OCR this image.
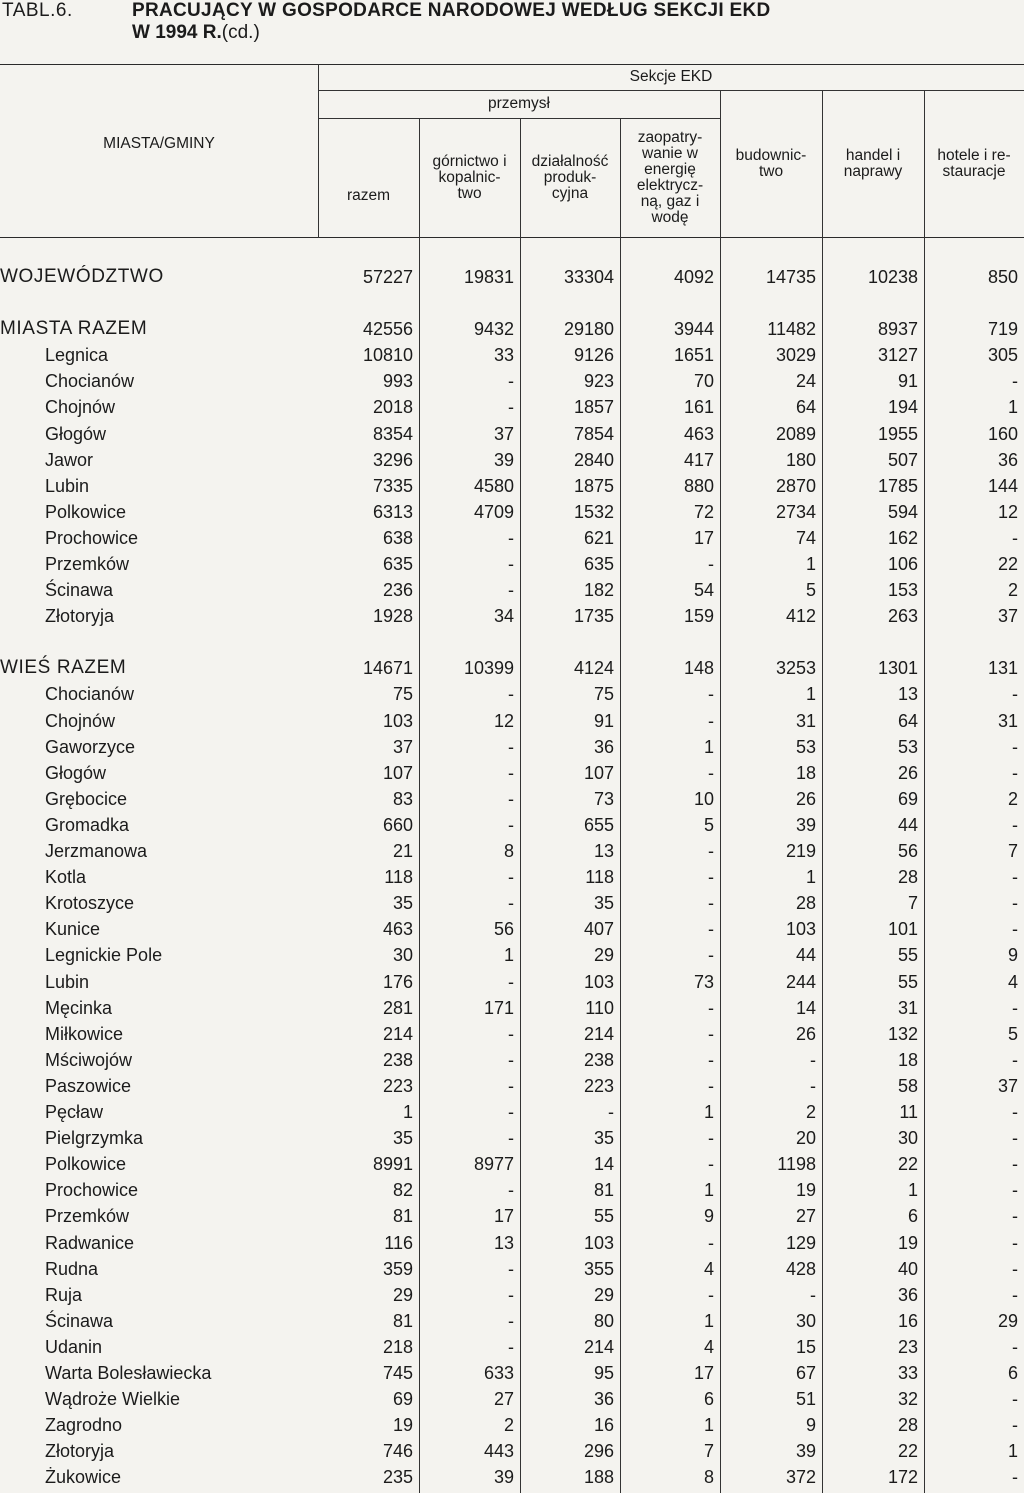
TABL.6.	PRACUJĄCY W GOSPODARCE NARODOWEJ WEDŁUG SEKCJI EKD
W 1994 R.(cd.)
MIASTA/GMINY
Sekcje EKD
przemysł
razem
górnictwo i kopalnic- two
działalność produk- cyjna
zaopatry- wanie w energię elektrycz- ną, gaz i wodę
budownic- two
handel i naprawy
hotele i re- stauracje
WOJEWÓDZTWO	57227	19831	33304	4092	14735	10238	850
MIASTA RAZEM	42556	9432	29180	3944	11482	8937	719
Legnica	10810	33	9126	1651	3029	3127	305
Chocianów	993	-	923	70	24	91	-
Chojnów	2018	-	1857	161	64	194	1
Głogów	8354	37	7854	463	2089	1955	160
Jawor	3296	39	2840	417	180	507	36
Lubin	7335	4580	1875	880	2870	1785	144
Polkowice	6313	4709	1532	72	2734	594	12
Prochowice	638	-	621	17	74	162	-
Przemków	635	-	635	-	1	106	22
Ścinawa	236	-	182	54	5	153	2
Złotoryja	1928	34	1735	159	412	263	37
WIEŚ RAZEM	14671	10399	4124	148	3253	1301	131
Chocianów	75	-	75	-	1	13	-
Chojnów	103	12	91	-	31	64	31
Gaworzyce	37	-	36	1	53	53	-
Głogów	107	-	107	-	18	26	-
Grębocice	83	-	73	10	26	69	2
Gromadka	660	-	655	5	39	44	-
Jerzmanowa	21	8	13	-	219	56	7
Kotla	118	-	118	-	1	28	-
Krotoszyce	35	-	35	-	28	7	-
Kunice	463	56	407	-	103	101	-
Legnickie Pole	30	1	29	-	44	55	9
Lubin	176	-	103	73	244	55	4
Męcinka	281	171	110	-	14	31	-
Miłkowice	214	-	214	-	26	132	5
Mściwojów	238	-	238	-	-	18	-
Paszowice	223	-	223	-	-	58	37
Pęcław	1	-	-	1	2	11	-
Pielgrzymka	35	-	35	-	20	30	-
Polkowice	8991	8977	14	-	1198	22	-
Prochowice	82	-	81	1	19	1	-
Przemków	81	17	55	9	27	6	-
Radwanice	116	13	103	-	129	19	-
Rudna	359	-	355	4	428	40	-
Ruja	29	-	29	-	-	36	-
Ścinawa	81	-	80	1	30	16	29
Udanin	218	-	214	4	15	23	-
Warta Bolesławiecka	745	633	95	17	67	33	6
Wądroże Wielkie	69	27	36	6	51	32	-
Zagrodno	19	2	16	1	9	28	-
Złotoryja	746	443	296	7	39	22	1
Żukowice	235	39	188	8	372	172	-
